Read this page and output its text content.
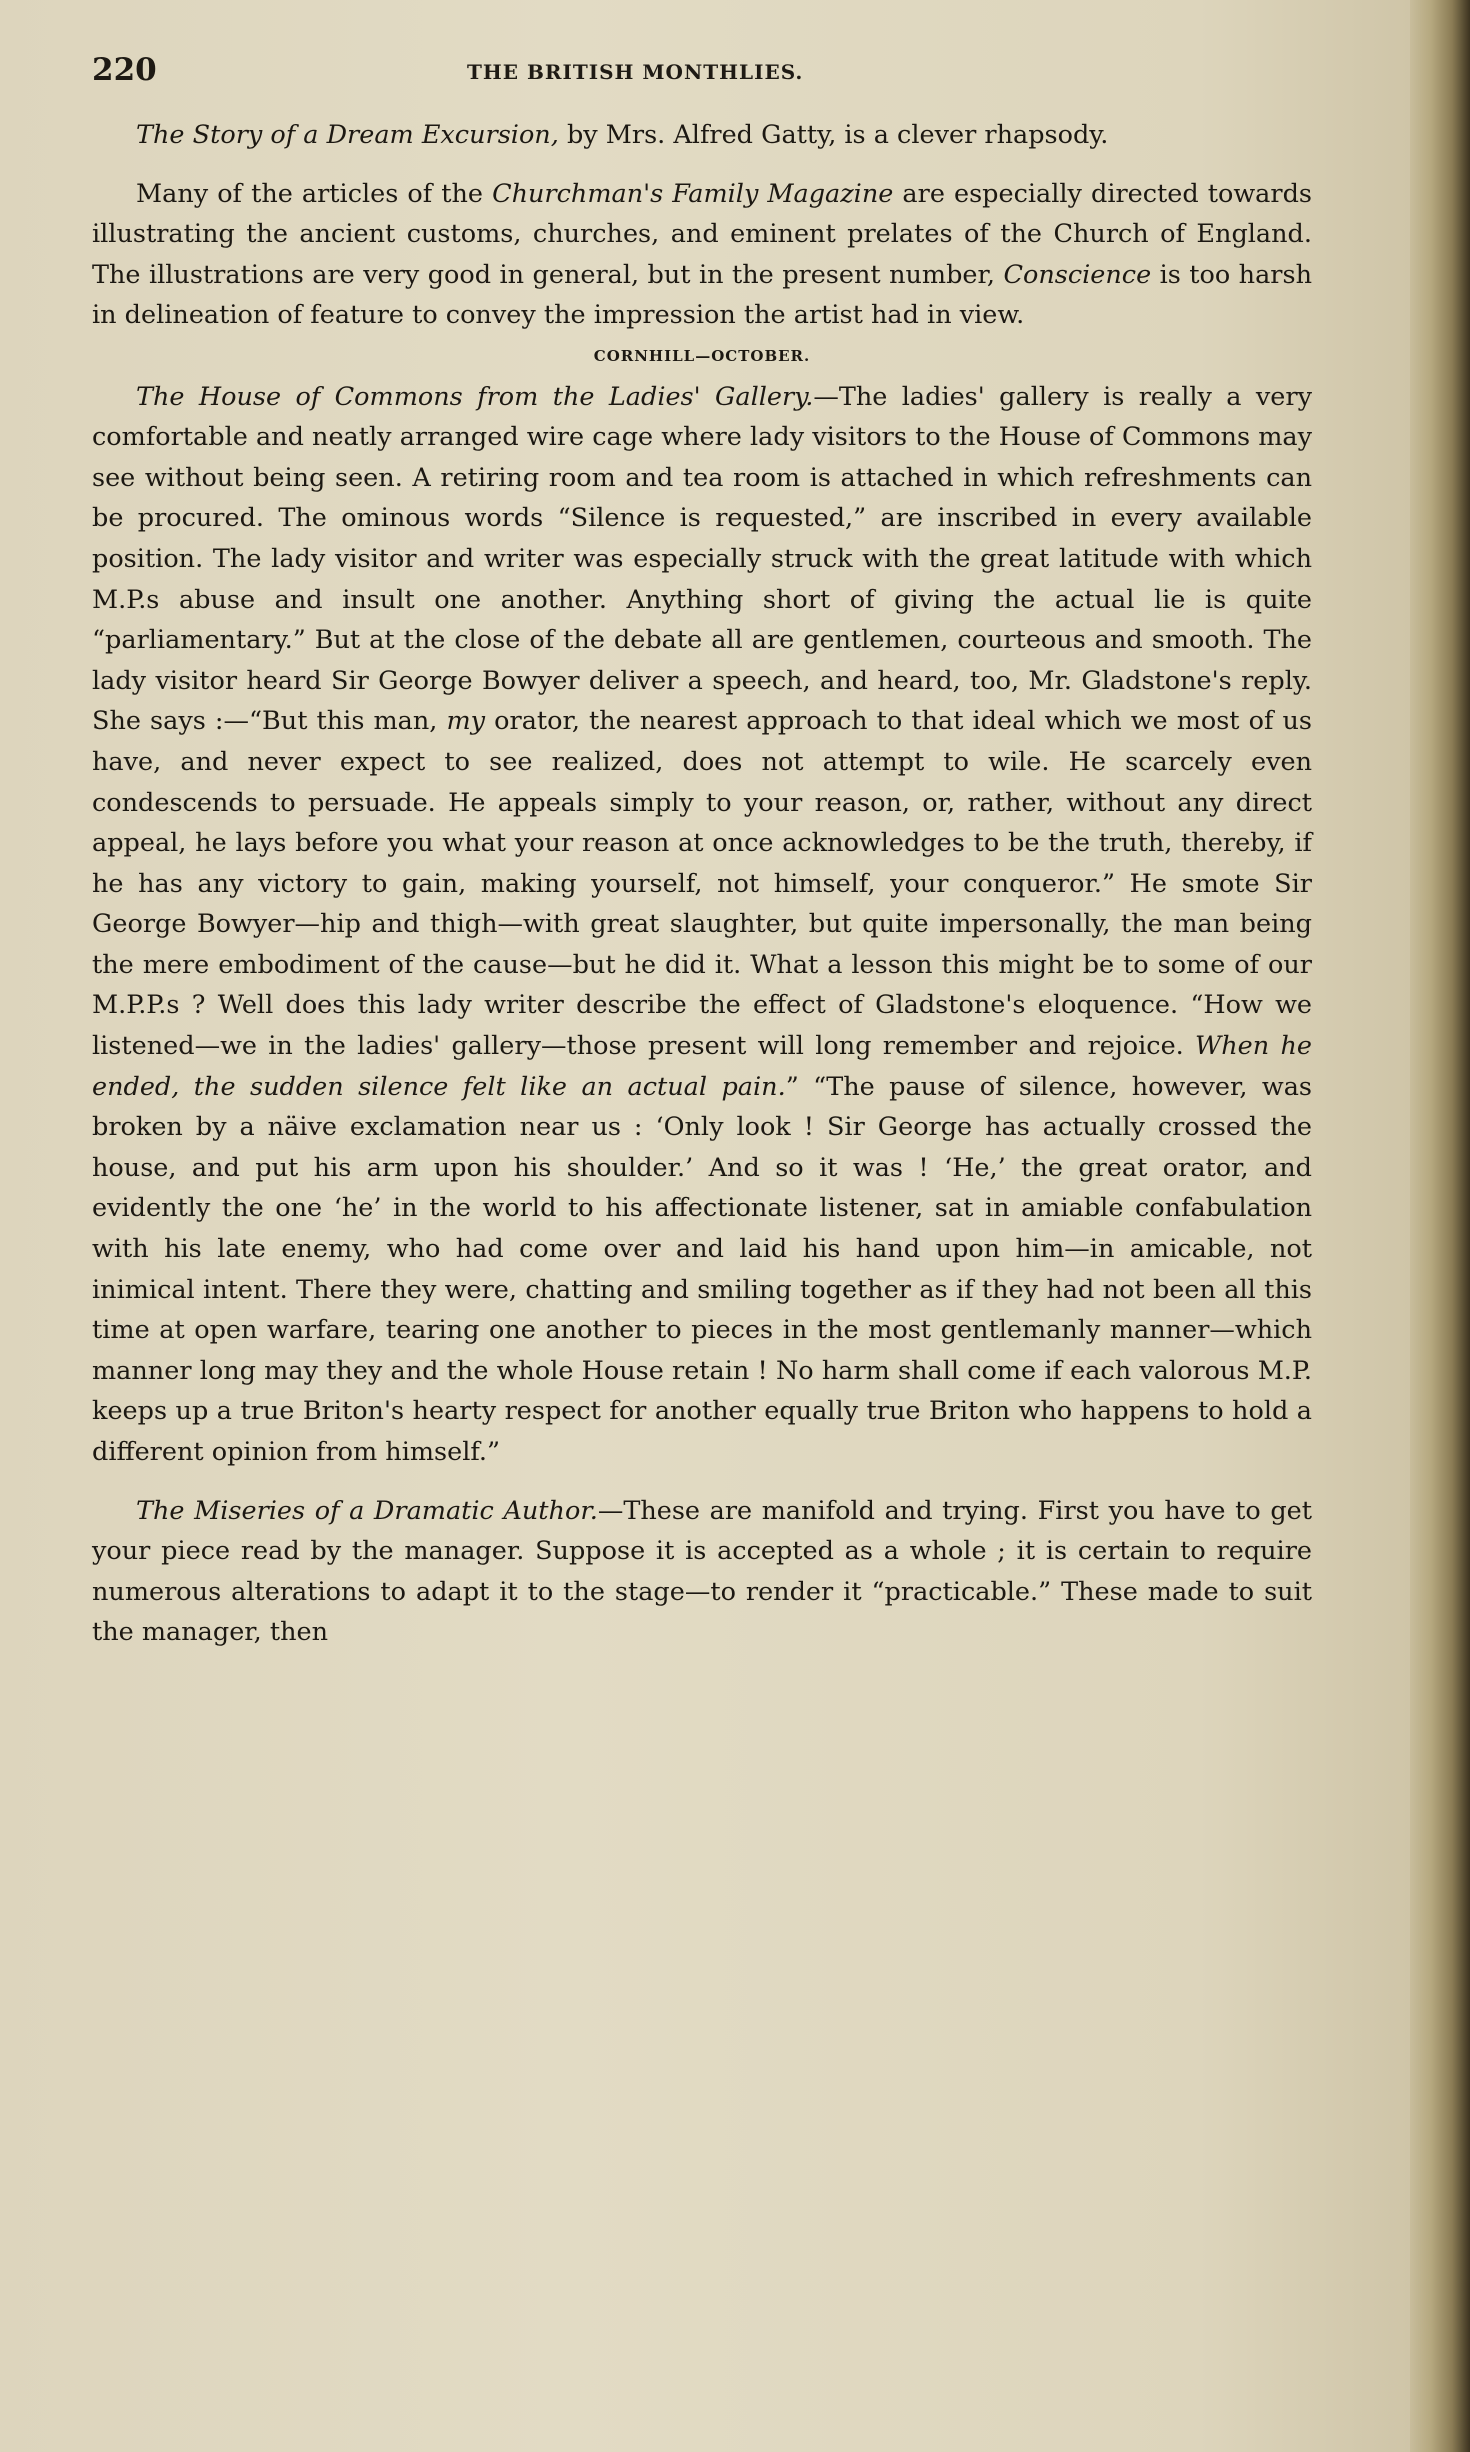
220	THE BRITISH MONTHLIES.

The Story of a Dream Excursion, by Mrs. Alfred Gatty, is a clever rhapsody.

Many of the articles of the Churchman's Family Magazine are especially directed towards illustrating the ancient customs, churches, and eminent prelates of the Church of England. The illustrations are very good in general, but in the present number, Conscience is too harsh in delineation of feature to convey the impression the artist had in view.

CORNHILL—OCTOBER.

The House of Commons from the Ladies' Gallery.—The ladies' gallery is really a very comfortable and neatly arranged wire cage where lady visitors to the House of Commons may see without being seen. A retiring room and tea room is attached in which refreshments can be procured. The ominous words “Silence is requested,” are inscribed in every available position. The lady visitor and writer was especially struck with the great latitude with which M.P.s abuse and insult one another. Anything short of giving the actual lie is quite “parliamentary.” But at the close of the debate all are gentlemen, courteous and smooth. The lady visitor heard Sir George Bowyer deliver a speech, and heard, too, Mr. Gladstone's reply. She says :—“But this man, my orator, the nearest approach to that ideal which we most of us have, and never expect to see realized, does not attempt to wile. He scarcely even condescends to persuade. He appeals simply to your reason, or, rather, without any direct appeal, he lays before you what your reason at once acknowledges to be the truth, thereby, if he has any victory to gain, making yourself, not himself, your conqueror.” He smote Sir George Bowyer—hip and thigh—with great slaughter, but quite impersonally, the man being the mere embodiment of the cause—but he did it. What a lesson this might be to some of our M.P.P.s ? Well does this lady writer describe the effect of Gladstone's eloquence. “How we listened—we in the ladies' gallery—those present will long remember and rejoice. When he ended, the sudden silence felt like an actual pain.” “The pause of silence, however, was broken by a näive exclamation near us : ‘Only look ! Sir George has actually crossed the house, and put his arm upon his shoulder.’ And so it was ! ‘He,’ the great orator, and evidently the one ‘he’ in the world to his affectionate listener, sat in amiable confabulation with his late enemy, who had come over and laid his hand upon him—in amicable, not inimical intent. There they were, chatting and smiling together as if they had not been all this time at open warfare, tearing one another to pieces in the most gentlemanly manner—which manner long may they and the whole House retain ! No harm shall come if each valorous M.P. keeps up a true Briton's hearty respect for another equally true Briton who happens to hold a different opinion from himself.”

The Miseries of a Dramatic Author.—These are manifold and trying. First you have to get your piece read by the manager. Suppose it is accepted as a whole ; it is certain to require numerous alterations to adapt it to the stage—to render it “practicable.” These made to suit the manager, then
